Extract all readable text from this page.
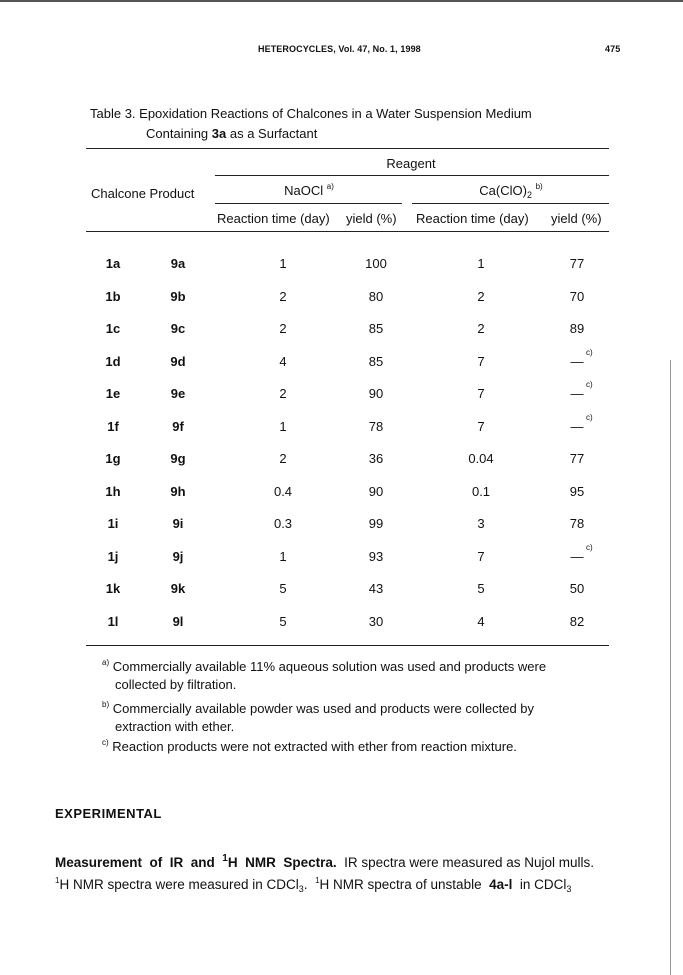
HETEROCYCLES, Vol. 47, No. 1, 1998	475
Table 3. Epoxidation Reactions of Chalcones in a Water Suspension Medium
Containing 3a as a Surfactant
Reagent
Chalcone Product	NaOCl $^{a)}$	$Ca(ClO)_2$ $^{b)}$
Reaction time (day) yield (%) Reaction time (day) yield (%)
1a	9a	1	100	1	77
1b	9b	2	80	2	70
1c	9c	2	85	2	89
1d	9d	4	85	7	—
c)
1e	9e	2	90	7	—
c)
1f	9f	1	78	7	—
c)
1g	9g	2	36	0.04	77
1h	9h	0.4	90	0.1	95
1i	9i	0.3	99	3	78
1j	9j	1	93	7	—
c)
1k	9k	5	43	5	50
1l	9l	5	30	4	82
$^{a)}$ Commercially available 11% aqueous solution was used and products were
collected by filtration.
$^{b)}$ Commercially available powder was used and products were collected by
extraction with ether.
$^{c)}$ Reaction products were not extracted with ether from reaction mixture.
EXPERIMENTAL
Measurement  of  IR  and  $^1$H  NMR  Spectra. IR spectra were measured as Nujol mulls.
$^1$H NMR spectra were measured in CDCl$_3$.  $^1$H NMR spectra of unstable  4a-l  in CDCl$_3$
